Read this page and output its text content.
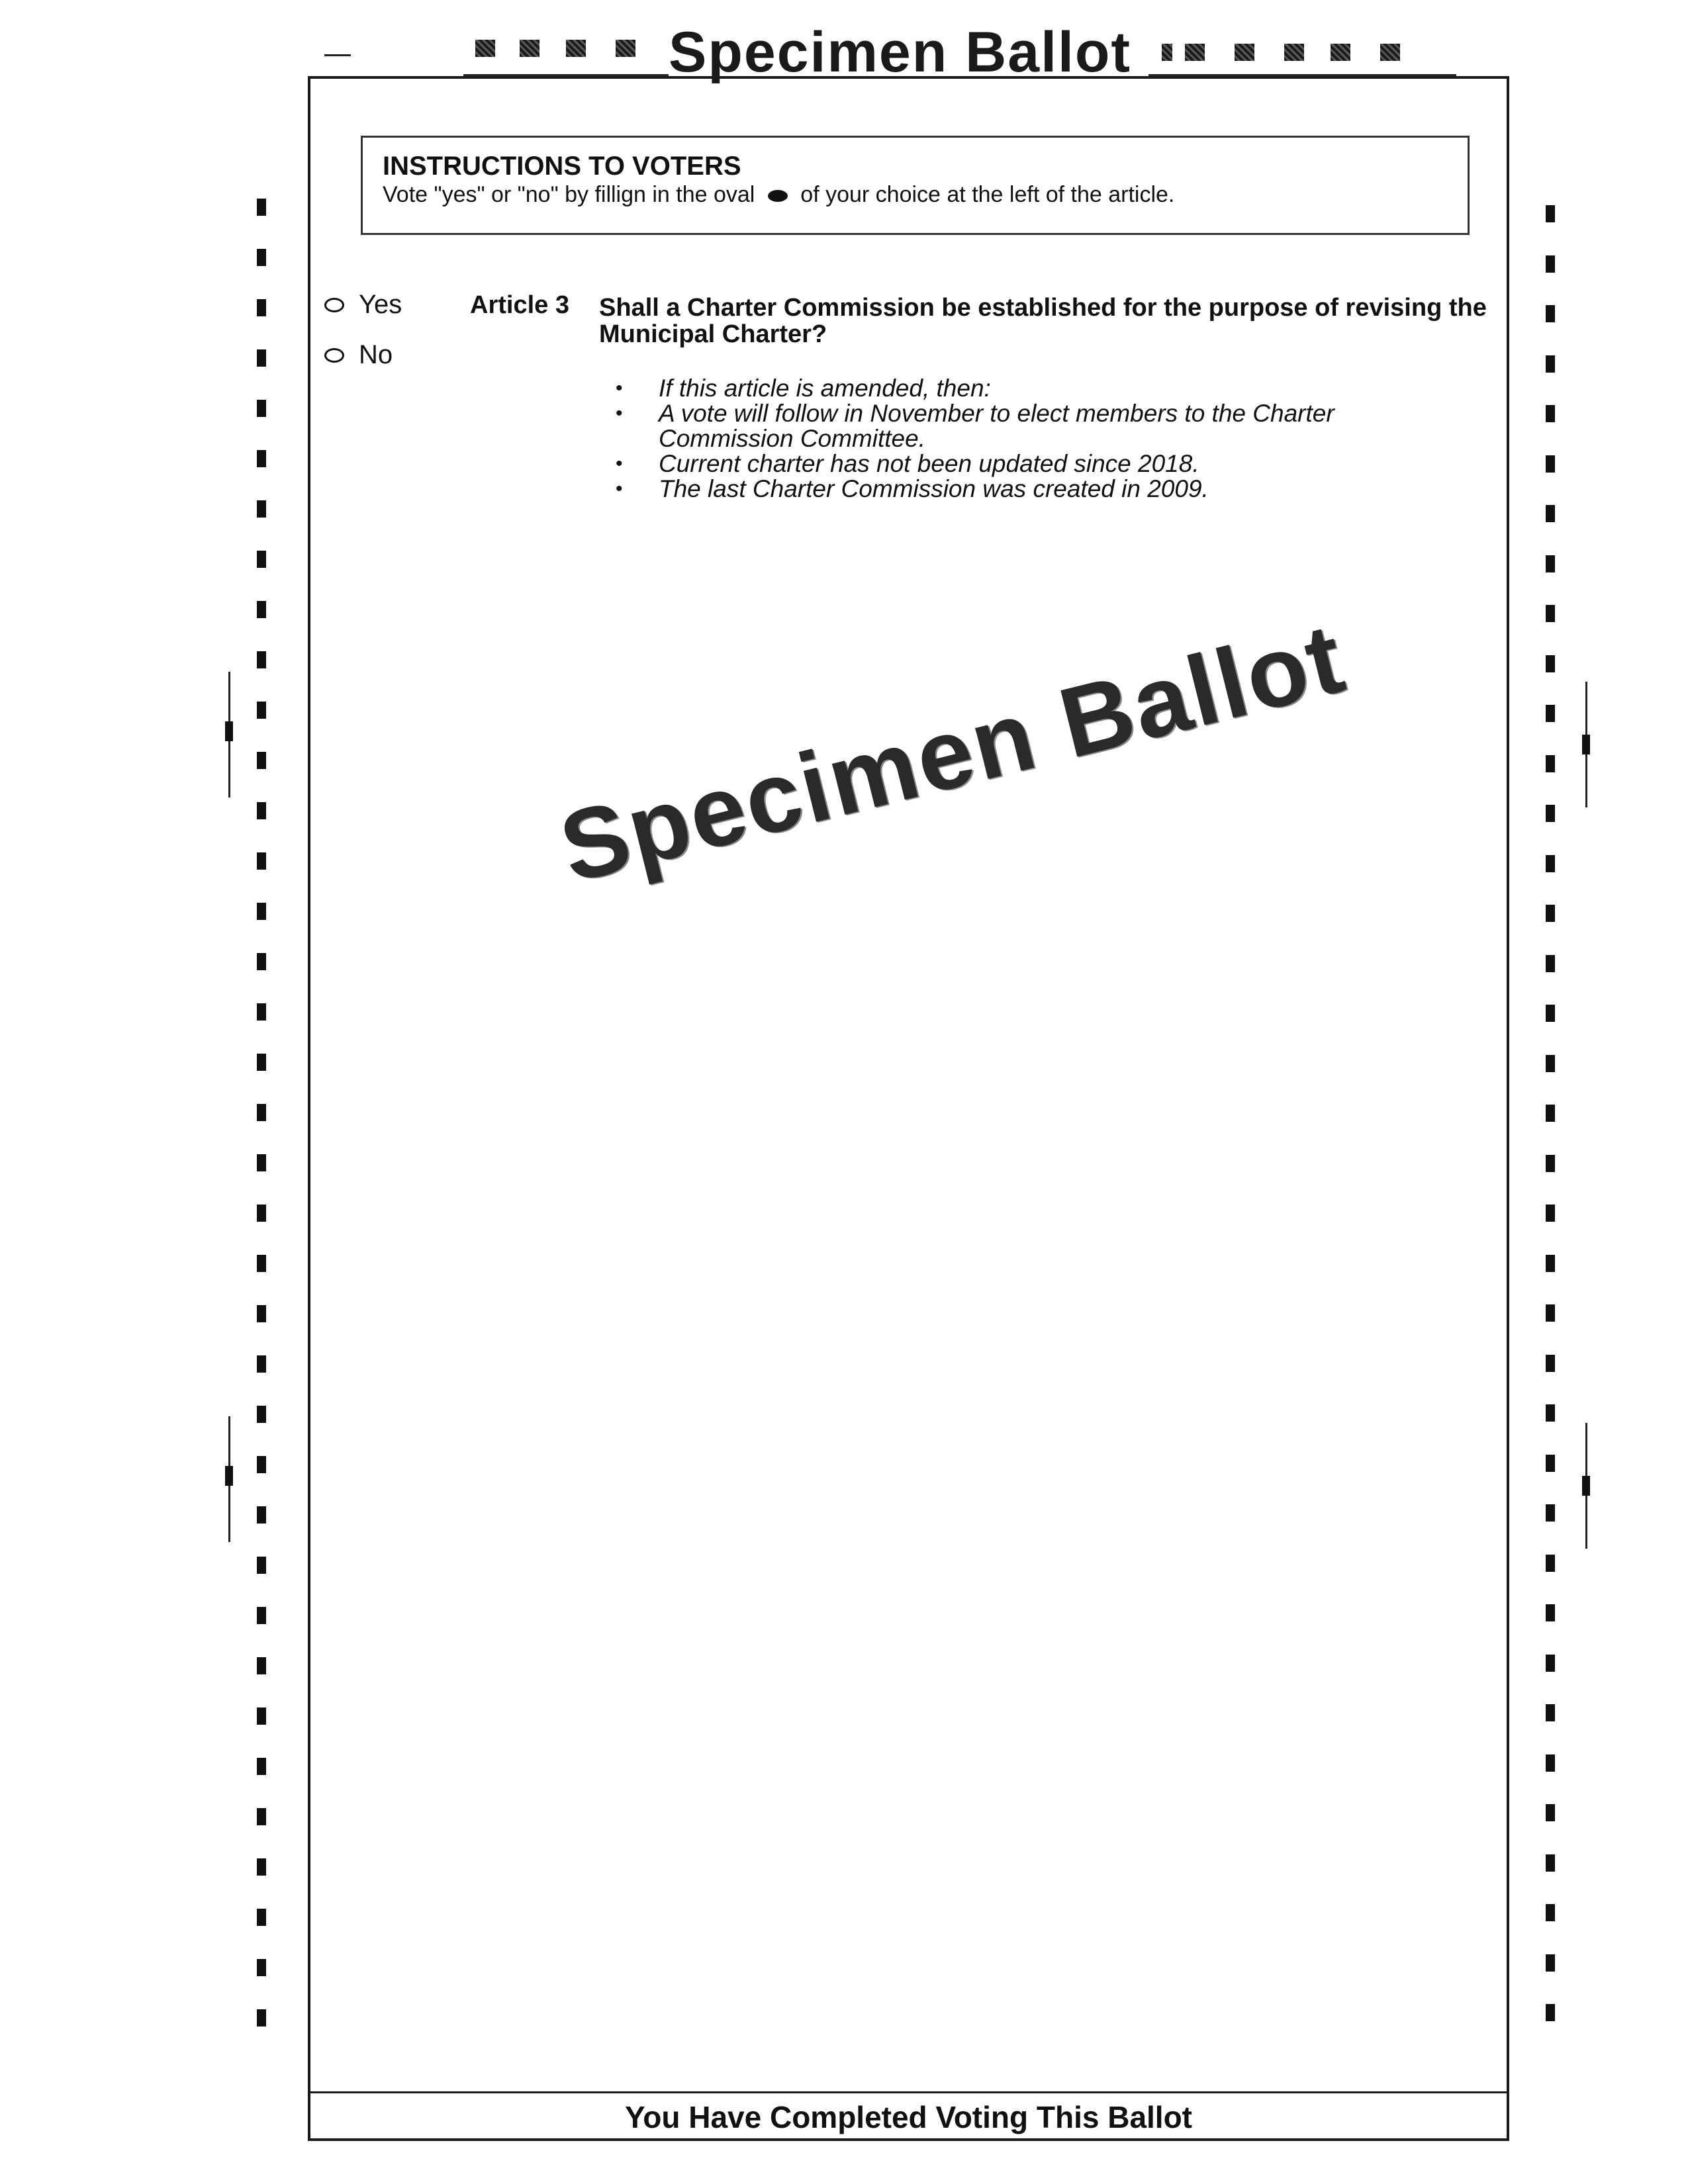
Specimen Ballot
INSTRUCTIONS TO VOTERS
Vote "yes" or "no" by fillign in the oval of your choice at the left of the article.
Yes
No
Article 3 Shall a Charter Commission be established for the purpose of revising the Municipal Charter?
• If this article is amended, then:
• A vote will follow in November to elect members to the Charter Commission Committee.
• Current charter has not been updated since 2018.
• The last Charter Commission was created in 2009.
Specimen Ballot
You Have Completed Voting This Ballot
